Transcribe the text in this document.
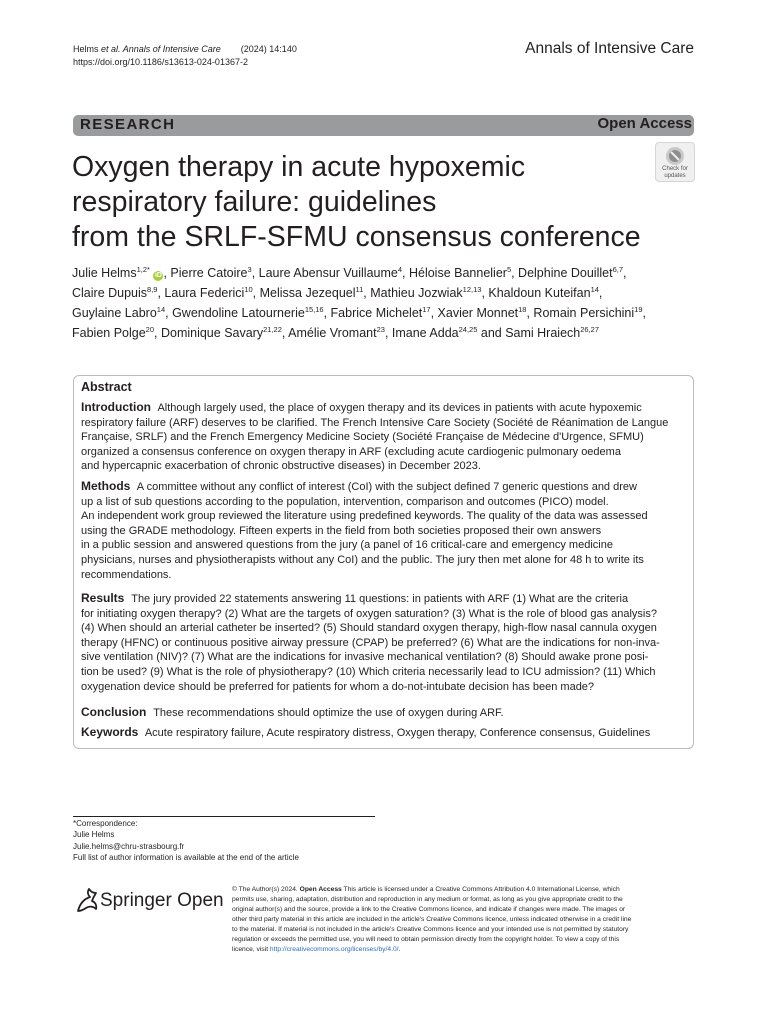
Helms et al. Annals of Intensive Care (2024) 14:140
https://doi.org/10.1186/s13613-024-01367-2
Annals of Intensive Care
RESEARCH	Open Access
Oxygen therapy in acute hypoxemic
respiratory failure: guidelines
from the SRLF-SFMU consensus conference
Check for
updates
Julie Helms$^{1,2*}$ iD , Pierre Catoire$^3$, Laure Abensur Vuillaume$^4$, Héloise Bannelier$^5$, Delphine Douillet$^{6,7}$,
Claire Dupuis$^{8,9}$, Laura Federici$^{10}$, Melissa Jezequel$^{11}$, Mathieu Jozwiak$^{12,13}$, Khaldoun Kuteifan$^{14}$,
Guylaine Labro$^{14}$, Gwendoline Latournerie$^{15,16}$, Fabrice Michelet$^{17}$, Xavier Monnet$^{18}$, Romain Persichini$^{19}$,
Fabien Polge$^{20}$, Dominique Savary$^{21,22}$, Amélie Vromant$^{23}$, Imane Adda$^{24,25}$ and Sami Hraiech$^{26,27}$
Abstract
Introduction Although largely used, the place of oxygen therapy and its devices in patients with acute hypoxemic
respiratory failure (ARF) deserves to be clarified. The French Intensive Care Society (Société de Réanimation de Langue
Française, SRLF) and the French Emergency Medicine Society (Société Française de Médecine d'Urgence, SFMU)
organized a consensus conference on oxygen therapy in ARF (excluding acute cardiogenic pulmonary oedema
and hypercapnic exacerbation of chronic obstructive diseases) in December 2023.
Methods A committee without any conflict of interest (CoI) with the subject defined 7 generic questions and drew
up a list of sub questions according to the population, intervention, comparison and outcomes (PICO) model.
An independent work group reviewed the literature using predefined keywords. The quality of the data was assessed
using the GRADE methodology. Fifteen experts in the field from both societies proposed their own answers
in a public session and answered questions from the jury (a panel of 16 critical-care and emergency medicine
physicians, nurses and physiotherapists without any CoI) and the public. The jury then met alone for 48 h to write its
recommendations.
Results The jury provided 22 statements answering 11 questions: in patients with ARF (1) What are the criteria
for initiating oxygen therapy? (2) What are the targets of oxygen saturation? (3) What is the role of blood gas analysis?
(4) When should an arterial catheter be inserted? (5) Should standard oxygen therapy, high-flow nasal cannula oxygen
therapy (HFNC) or continuous positive airway pressure (CPAP) be preferred? (6) What are the indications for non-inva-
sive ventilation (NIV)? (7) What are the indications for invasive mechanical ventilation? (8) Should awake prone posi-
tion be used? (9) What is the role of physiotherapy? (10) Which criteria necessarily lead to ICU admission? (11) Which
oxygenation device should be preferred for patients for whom a do-not-intubate decision has been made?
Conclusion These recommendations should optimize the use of oxygen during ARF.
Keywords Acute respiratory failure, Acute respiratory distress, Oxygen therapy, Conference consensus, Guidelines
*Correspondence:
Julie Helms
Julie.helms@chru-strasbourg.fr
Full list of author information is available at the end of the article
Springer Open
© The Author(s) 2024. Open Access This article is licensed under a Creative Commons Attribution 4.0 International License, which
permits use, sharing, adaptation, distribution and reproduction in any medium or format, as long as you give appropriate credit to the
original author(s) and the source, provide a link to the Creative Commons licence, and indicate if changes were made. The images or
other third party material in this article are included in the article's Creative Commons licence, unless indicated otherwise in a credit line
to the material. If material is not included in the article's Creative Commons licence and your intended use is not permitted by statutory
regulation or exceeds the permitted use, you will need to obtain permission directly from the copyright holder. To view a copy of this
licence, visit http://creativecommons.org/licenses/by/4.0/.
